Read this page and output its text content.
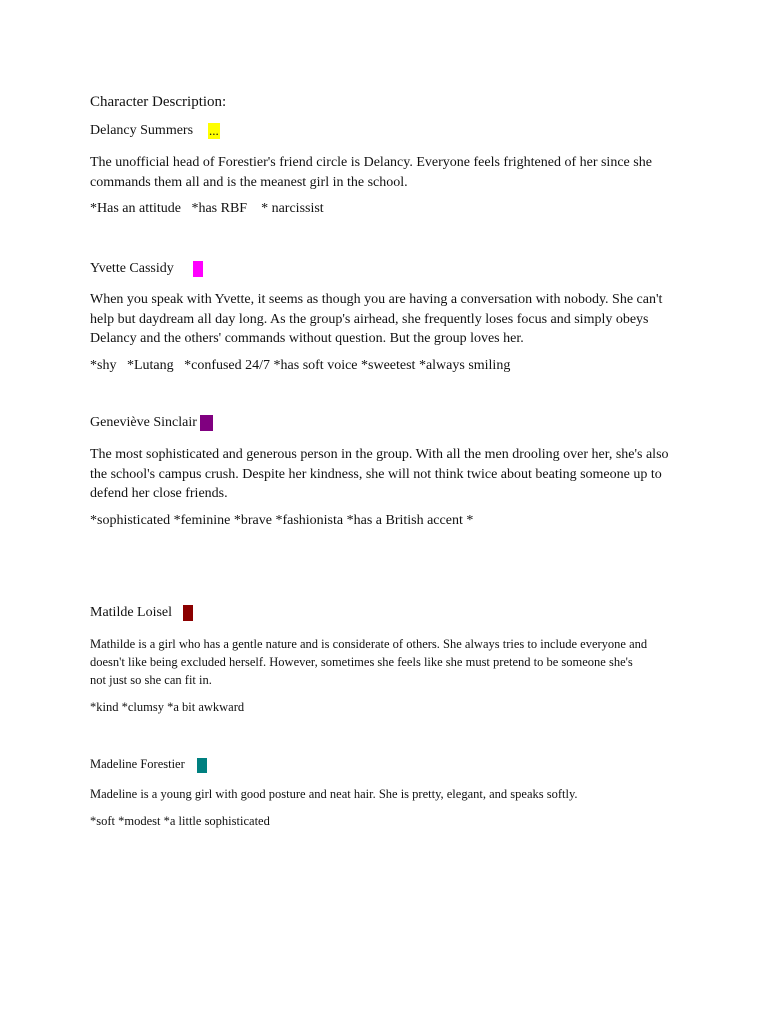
Character Description:
Delancy Summers ...
The unofficial head of Forestier's friend circle is Delancy. Everyone feels frightened of her since she
commands them all and is the meanest girl in the school.
*Has an attitude   *has RBF    * narcissist
Yvette Cassidy
When you speak with Yvette, it seems as though you are having a conversation with nobody. She can't
help but daydream all day long. As the group's airhead, she frequently loses focus and simply obeys
Delancy and the others' commands without question. But the group loves her.
*shy   *Lutang   *confused 24/7 *has soft voice *sweetest *always smiling
Geneviève Sinclair
The most sophisticated and generous person in the group. With all the men drooling over her, she's also
the school's campus crush. Despite her kindness, she will not think twice about beating someone up to
defend her close friends.
*sophisticated *feminine *brave *fashionista *has a British accent *
Matilde Loisel
Mathilde is a girl who has a gentle nature and is considerate of others. She always tries to include everyone and
doesn't like being excluded herself. However, sometimes she feels like she must pretend to be someone she's
not just so she can fit in.
*kind *clumsy *a bit awkward
Madeline Forestier
Madeline is a young girl with good posture and neat hair. She is pretty, elegant, and speaks softly.
*soft *modest *a little sophisticated
